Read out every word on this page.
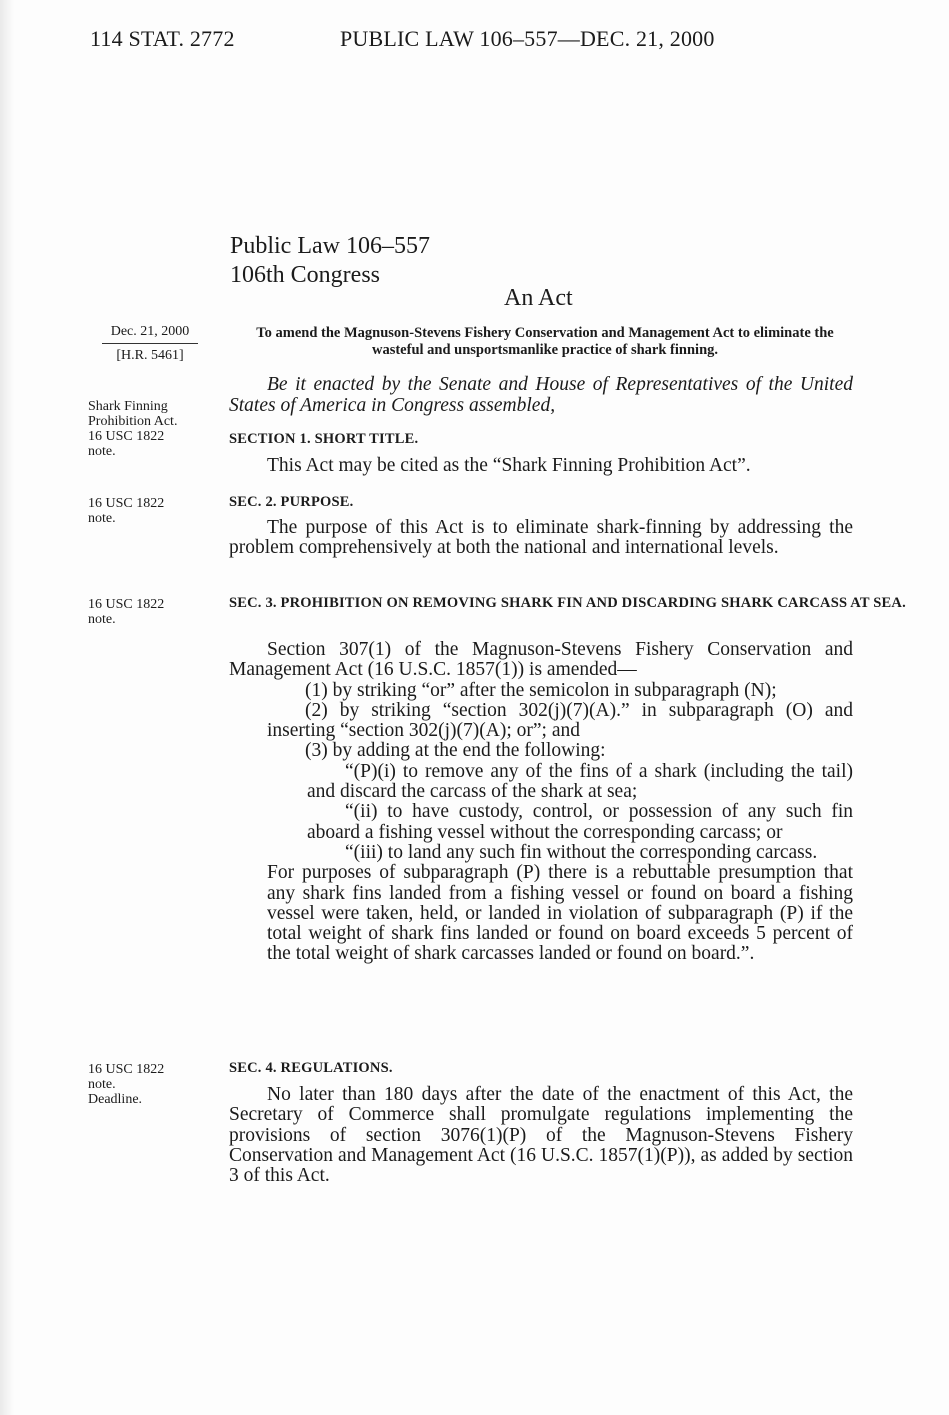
114 STAT. 2772	PUBLIC LAW 106–557—DEC. 21, 2000
Public Law 106–557
106th Congress
An Act
Dec. 21, 2000
[H.R. 5461]
Shark Finning
Prohibition Act.
16 USC 1822
note.
16 USC 1822
note.
16 USC 1822
note.
16 USC 1822
note.
Deadline.
To amend the Magnuson-Stevens Fishery Conservation and Management Act to eliminate the wasteful and unsportsmanlike practice of shark finning.
Be it enacted by the Senate and House of Representatives of the United States of America in Congress assembled,
SECTION 1. SHORT TITLE.
This Act may be cited as the “Shark Finning Prohibition Act”.
SEC. 2. PURPOSE.
The purpose of this Act is to eliminate shark-finning by addressing the problem comprehensively at both the national and international levels.
SEC. 3. PROHIBITION ON REMOVING SHARK FIN AND DISCARDING SHARK CARCASS AT SEA.

Section 307(1) of the Magnuson-Stevens Fishery Conservation and Management Act (16 U.S.C. 1857(1)) is amended—

(1) by striking “or” after the semicolon in subparagraph (N);

(2) by striking “section 302(j)(7)(A).” in subparagraph (O) and inserting “section 302(j)(7)(A); or”; and

(3) by adding at the end the following:

“(P)(i) to remove any of the fins of a shark (including the tail) and discard the carcass of the shark at sea;

“(ii) to have custody, control, or possession of any such fin aboard a fishing vessel without the corresponding carcass; or

“(iii) to land any such fin without the corresponding carcass.

For purposes of subparagraph (P) there is a rebuttable presumption that any shark fins landed from a fishing vessel or found on board a fishing vessel were taken, held, or landed in violation of subparagraph (P) if the total weight of shark fins landed or found on board exceeds 5 percent of the total weight of shark carcasses landed or found on board.”.

SEC. 4. REGULATIONS.
No later than 180 days after the date of the enactment of this Act, the Secretary of Commerce shall promulgate regulations implementing the provisions of section 3076(1)(P) of the Magnuson-Stevens Fishery Conservation and Management Act (16 U.S.C. 1857(1)(P)), as added by section 3 of this Act.
